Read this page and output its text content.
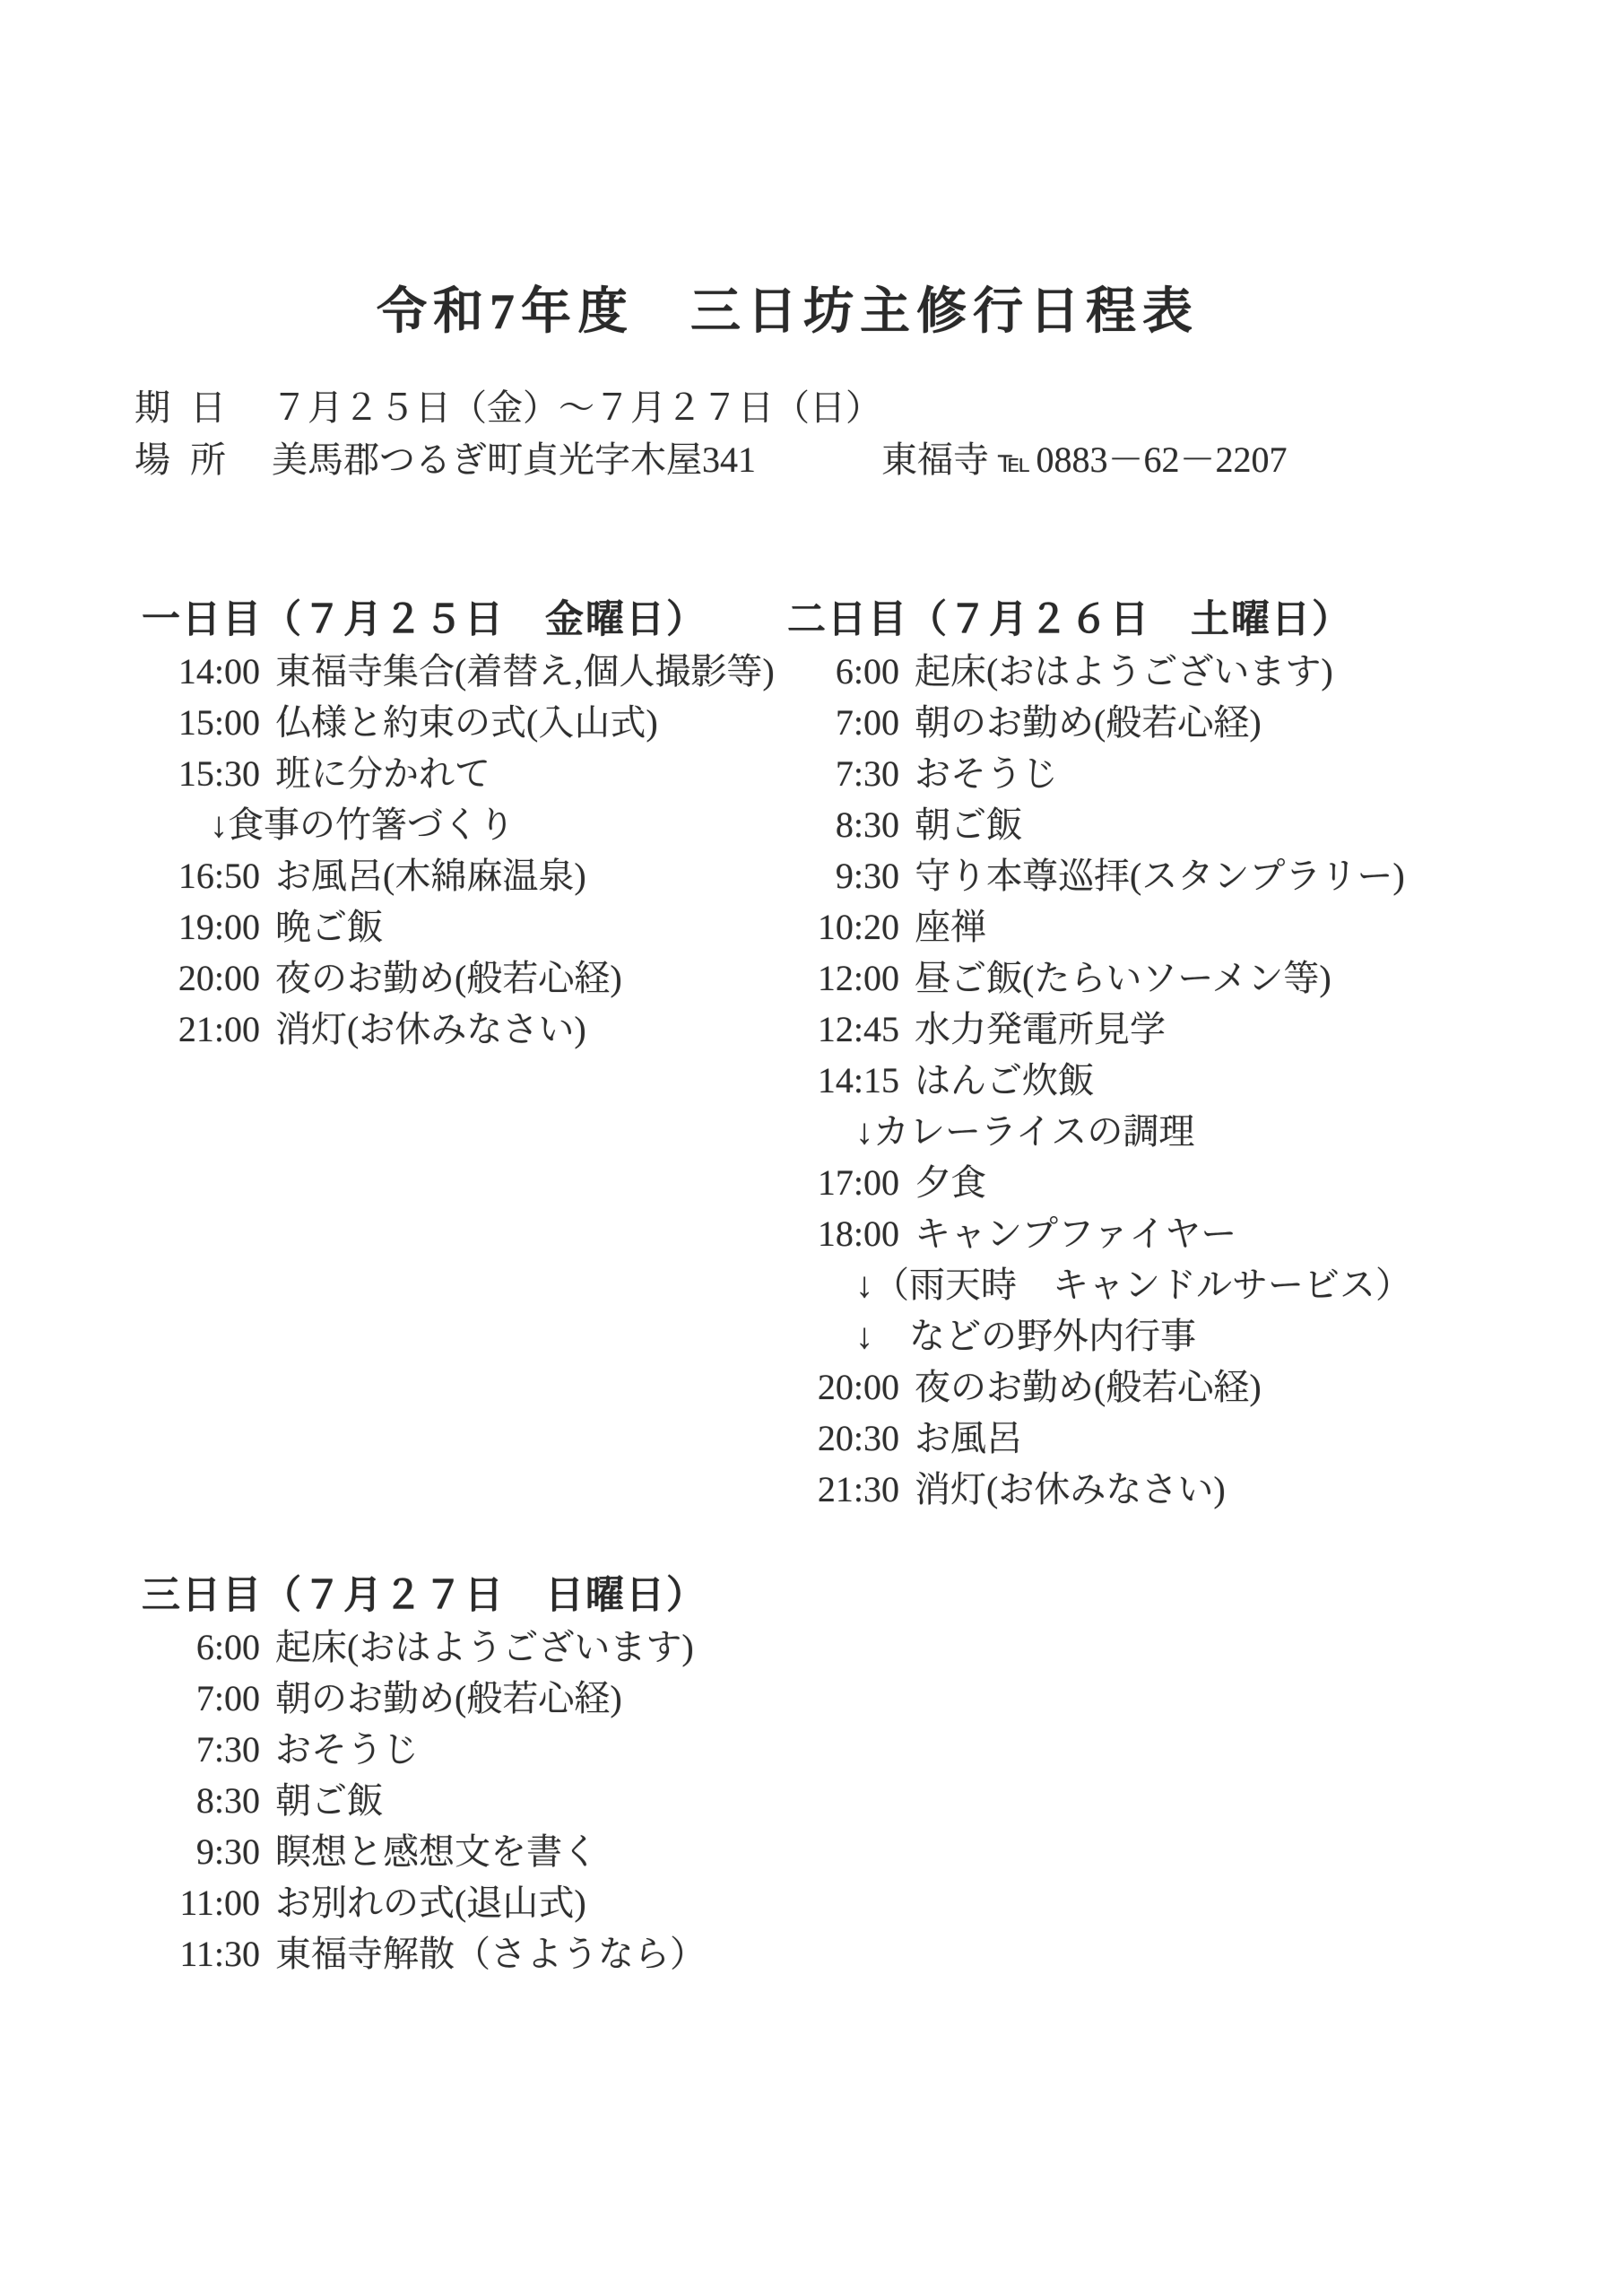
令和7年度　三日坊主修行日程表
期 日 ７月２５日（金）～７月２７日（日）
場 所 美馬郡つるぎ町貞光字木屋341	東福寺 ℡ 0883－62－2207
一日目（７月２５日　金曜日）
14:00 東福寺集合(着替え,個人撮影等)
15:00 仏様と約束の式(入山式)
15:30 班に分かれて
↓ 食事の竹箸づくり
16:50 お風呂(木綿麻温泉)
19:00 晩ご飯
20:00 夜のお勤め(般若心経)
21:00 消灯(お休みなさい)
二日目（７月２６日　土曜日）
6:00 起床(おはようございます)
7:00 朝のお勤め(般若心経)
7:30 おそうじ
8:30 朝ご飯
9:30 守り本尊巡拝(スタンプラリー)
10:20 座禅
12:00 昼ご飯(たらいソーメン等)
12:45 水力発電所見学
14:15 はんご炊飯
↓ カレーライスの調理
17:00 夕食
18:00 キャンプファイヤー
↓ （雨天時　キャンドルサービス）
↓ 　などの野外内行事
20:00 夜のお勤め(般若心経)
20:30 お風呂
21:30 消灯(お休みなさい)
三日目（７月２７日　日曜日）
6:00 起床(おはようございます)
7:00 朝のお勤め(般若心経)
7:30 おそうじ
8:30 朝ご飯
9:30 瞑想と感想文を書く
11:00 お別れの式(退山式)
11:30 東福寺解散（さようなら）
